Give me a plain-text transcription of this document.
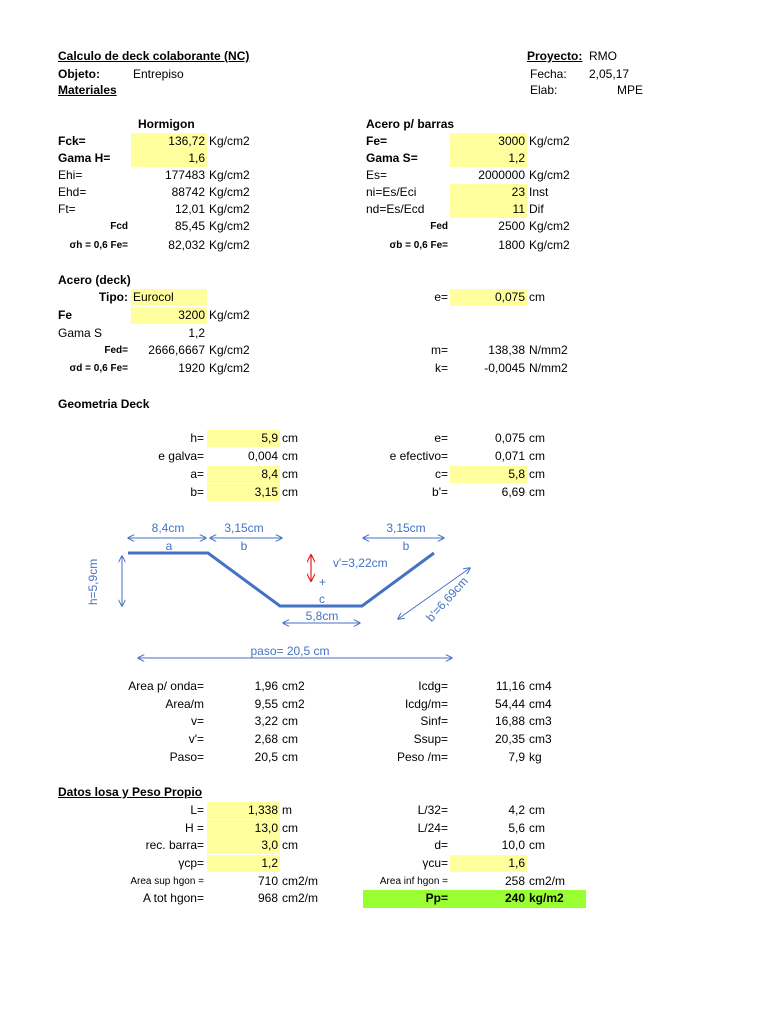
Calculo de deck colaborante (NC)
Objeto:	Entrepiso
Materiales
Proyecto: RMO
Fecha: 2,05,17
Elab:	MPE
Hormigon
Fck=	136,72 Kg/cm2
Gama H=	1,6
Ehi=	177483 Kg/cm2
Ehd=	88742 Kg/cm2
Ft=	12,01 Kg/cm2
Fcd	85,45 Kg/cm2
σh = 0,6 Fe=	82,032 Kg/cm2
Acero p/ barras
Fe=	3000 Kg/cm2
Gama S=	1,2
Es=	2000000 Kg/cm2
ni=Es/Eci	23 Inst
nd=Es/Ecd	11 Dif
Fed	2500 Kg/cm2
σb = 0,6 Fe=	1800 Kg/cm2
Acero (deck)
Tipo: Eurocol
Fe	3200 Kg/cm2
Gama S	1,2
Fed=	2666,6667 Kg/cm2
σd = 0,6 Fe=	1920 Kg/cm2
e=	0,075 cm
m=	138,38 N/mm2
k=	-0,0045 N/mm2
Geometria Deck
h=	5,9 cm
e galva=	0,004 cm
a=	8,4 cm
b=	3,15 cm
e=	0,075 cm
e efectivo=	0,071 cm
c=	5,8 cm
b'=	6,69 cm
8,4cm
a
3,15cm
b
3,15cm
b
h=5,9cm	v'=3,22cm
+
c
5,8cm	b'=6,69cm
paso= 20,5 cm
Area p/ onda=	1,96 cm2
Area/m	9,55 cm2
v=	3,22 cm
v'=	2,68 cm
Paso=	20,5 cm
Icdg=	11,16 cm4
Icdg/m=	54,44 cm4
Sinf=	16,88 cm3
Ssup=	20,35 cm3
Peso /m=	7,9 kg
Datos losa y Peso Propio
L=	1,338 m
H =	13,0 cm
rec. barra=	3,0 cm
γcp=	1,2
Area sup hgon =	710 cm2/m
A tot hgon=	968 cm2/m
L/32=	4,2 cm
L/24=	5,6 cm
d=	10,0 cm
γcu=	1,6
Area inf hgon =	258 cm2/m
Pp=	240 kg/m2
